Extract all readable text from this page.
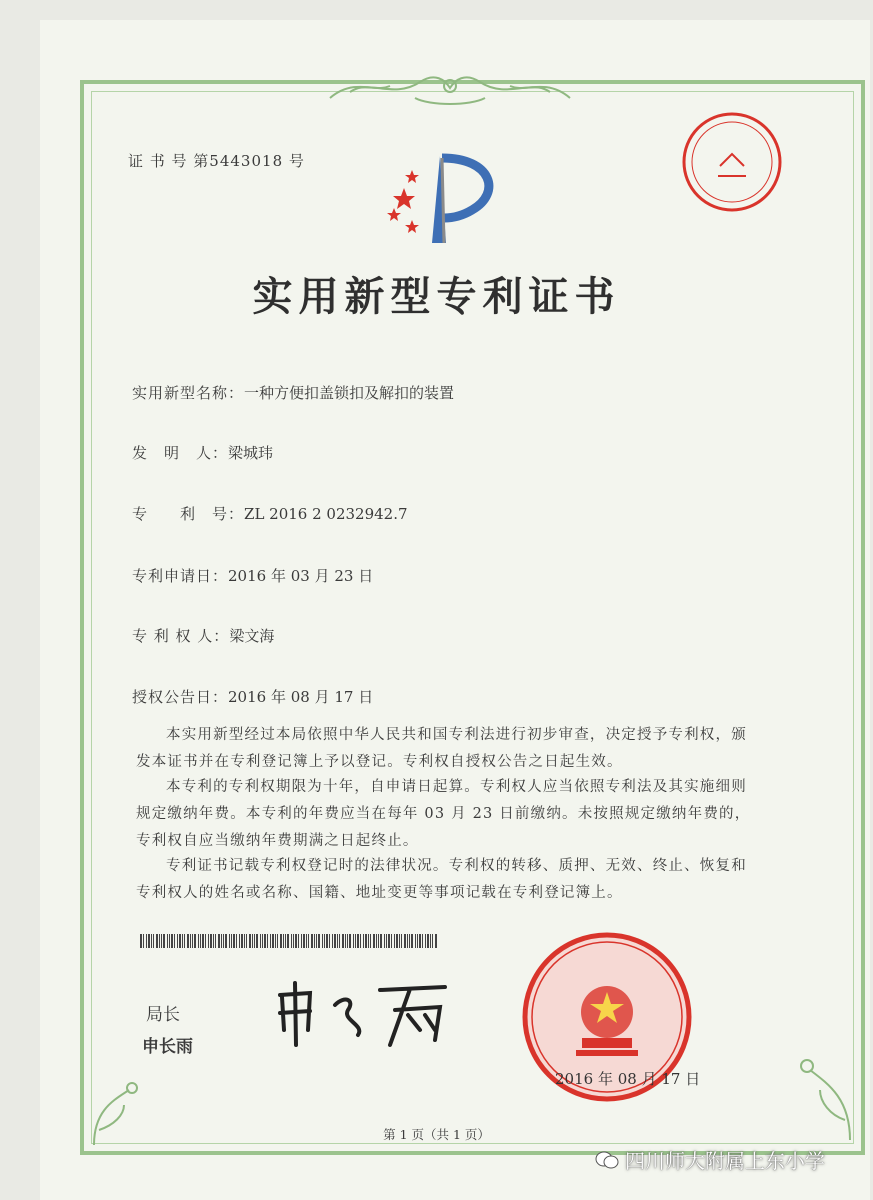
证 书 号 第5443018 号
实用新型专利证书
实用新型名称：一种方便扣盖锁扣及解扣的装置
发　明　人：梁城玮
专　　利　号：ZL 2016 2 0232942.7
专利申请日：2016 年 03 月 23 日
专 利 权 人：梁文海
授权公告日：2016 年 08 月 17 日
本实用新型经过本局依照中华人民共和国专利法进行初步审查，决定授予专利权，颁发本证书并在专利登记簿上予以登记。专利权自授权公告之日起生效。
本专利的专利权期限为十年，自申请日起算。专利权人应当依照专利法及其实施细则规定缴纳年费。本专利的年费应当在每年 03 月 23 日前缴纳。未按照规定缴纳年费的，专利权自应当缴纳年费期满之日起终止。
专利证书记载专利权登记时的法律状况。专利权的转移、质押、无效、终止、恢复和专利权人的姓名或名称、国籍、地址变更等事项记载在专利登记簿上。
局长
申长雨
2016 年 08 月 17 日
第 1 页（共 1 页）
四川师大附属上东小学
